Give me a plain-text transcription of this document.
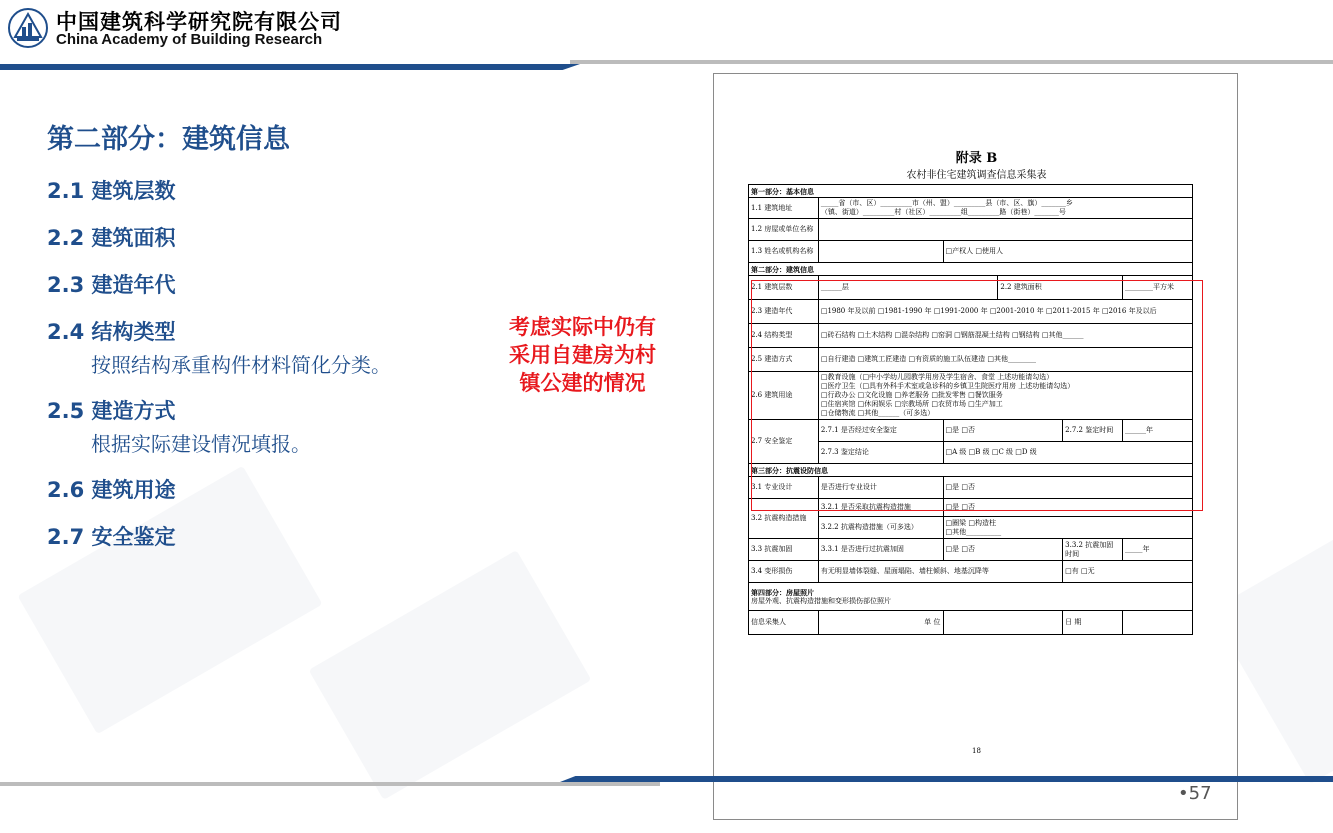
中国建筑科学研究院有限公司
China Academy of Building Research
第二部分：建筑信息
2.1 建筑层数
2.2 建筑面积
2.3 建造年代
2.4 结构类型
按照结构承重构件材料简化分类。
2.5 建造方式
根据实际建设情况填报。
2.6 建筑用途
2.7 安全鉴定
考虑实际中仍有
采用自建房为村
镇公建的情况
附录 B
农村非住宅建筑调查信息采集表
第一部分：基本信息					
1.1 建筑地址	_____省（市、区）_________市（州、盟）_________县（市、区、旗）_______乡
（镇、街道）_________村（社区）_________组_________路（街巷）_______号				

1.2 房屋或单位名称					
1.3 姓名或机构名称		□产权人 □使用人			
第二部分：建筑信息					
2.1 建筑层数	______层		2.2 建筑面积		________平方米
2.3 建造年代	□1980 年及以前 □1981-1990 年 □1991-2000 年 □2001-2010 年 □2011-2015 年 □2016 年及以后				
2.4 结构类型	□砖石结构 □土木结构 □混杂结构 □窑洞 □钢筋混凝土结构 □钢结构 □其他______				
2.5 建造方式	□自行建造 □建筑工匠建造 □有资质的施工队伍建造 □其他________				
2.6 建筑用途	□教育设施（□中小学幼儿园教学用房及学生宿舍、食堂 上述功能请勾选）
□医疗卫生（□具有外科手术室或急诊科的乡镇卫生院医疗用房 上述功能请勾选）
□行政办公 □文化设施 □养老服务 □批发零售 □餐饮服务
□住宿宾馆 □休闲娱乐 □宗教场所 □农贸市场 □生产加工
□仓储物流 □其他______（可多选）				

2.7 安全鉴定	2.7.1 是否经过安全鉴定	□是 □否		2.7.2 鉴定时间	______年
	2.7.3 鉴定结论	□A 级 □B 级 □C 级 □D 级			
第三部分：抗震设防信息					
3.1 专业设计	是否进行专业设计	□是 □否			
3.2 抗震构造措施	3.2.1 是否采取抗震构造措施	□是 □否			
	3.2.2 抗震构造措施（可多选）	□圈梁 □构造柱
□其他__________			

3.3 抗震加固	3.3.1 是否进行过抗震加固	□是 □否		3.3.2 抗震加固时间	_____年
3.4 变形损伤	有无明显墙体裂缝、屋面塌陷、墙柱倾斜、地基沉降等			□有 □无	

第四部分：房屋照片
房屋外观、抗震构造措施和变形损伤部位照片					

信息采集人	单 位			日 期	
18
•57
